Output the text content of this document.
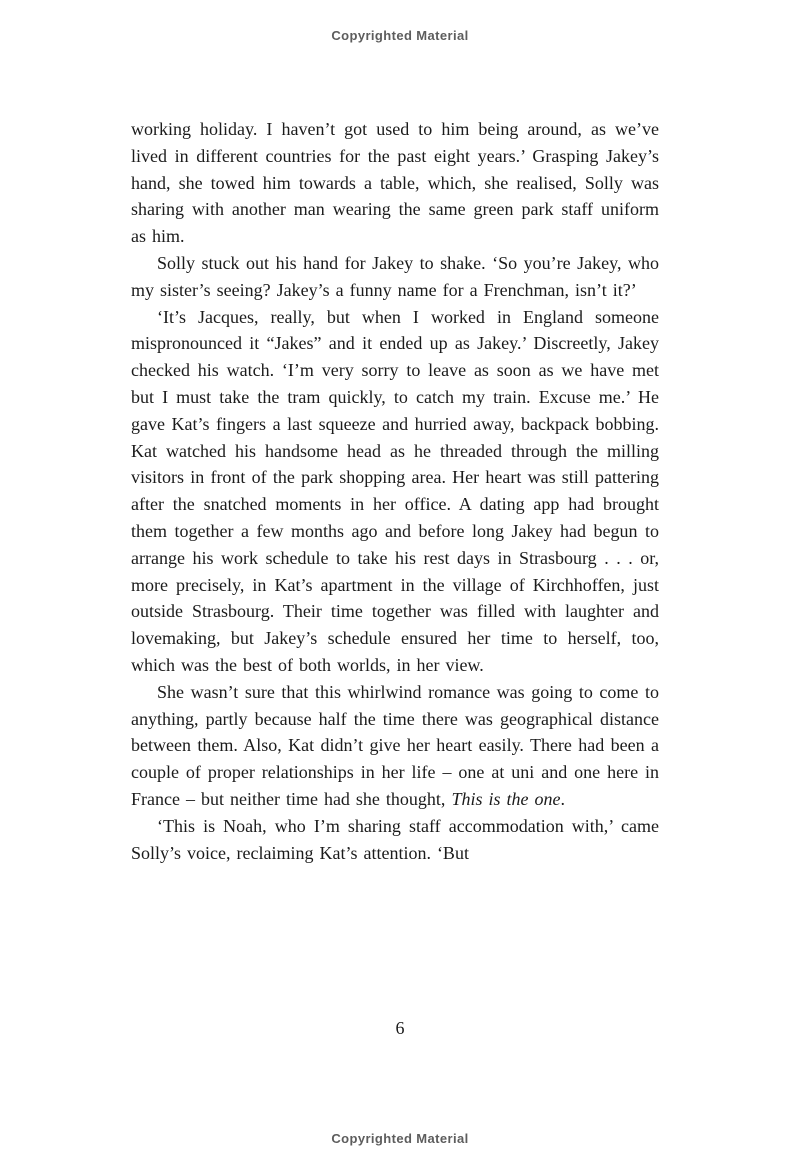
Copyrighted Material

working holiday. I haven’t got used to him being around, as we’ve lived in different countries for the past eight years.’ Grasping Jakey’s hand, she towed him towards a table, which, she realised, Solly was sharing with another man wearing the same green park staff uniform as him.

Solly stuck out his hand for Jakey to shake. ‘So you’re Jakey, who my sister’s seeing? Jakey’s a funny name for a Frenchman, isn’t it?’

‘It’s Jacques, really, but when I worked in England someone mispronounced it “Jakes” and it ended up as Jakey.’ Discreetly, Jakey checked his watch. ‘I’m very sorry to leave as soon as we have met but I must take the tram quickly, to catch my train. Excuse me.’ He gave Kat’s fingers a last squeeze and hurried away, backpack bobbing. Kat watched his handsome head as he threaded through the milling visitors in front of the park shopping area. Her heart was still pattering after the snatched moments in her office. A dating app had brought them together a few months ago and before long Jakey had begun to arrange his work schedule to take his rest days in Strasbourg . . . or, more precisely, in Kat’s apartment in the village of Kirchhoffen, just outside Strasbourg. Their time together was filled with laughter and lovemaking, but Jakey’s schedule ensured her time to herself, too, which was the best of both worlds, in her view.

She wasn’t sure that this whirlwind romance was going to come to anything, partly because half the time there was geographical distance between them. Also, Kat didn’t give her heart easily. There had been a couple of proper relationships in her life – one at uni and one here in France – but neither time had she thought, This is the one.

‘This is Noah, who I’m sharing staff accommodation with,’ came Solly’s voice, reclaiming Kat’s attention. ‘But

6
Copyrighted Material
